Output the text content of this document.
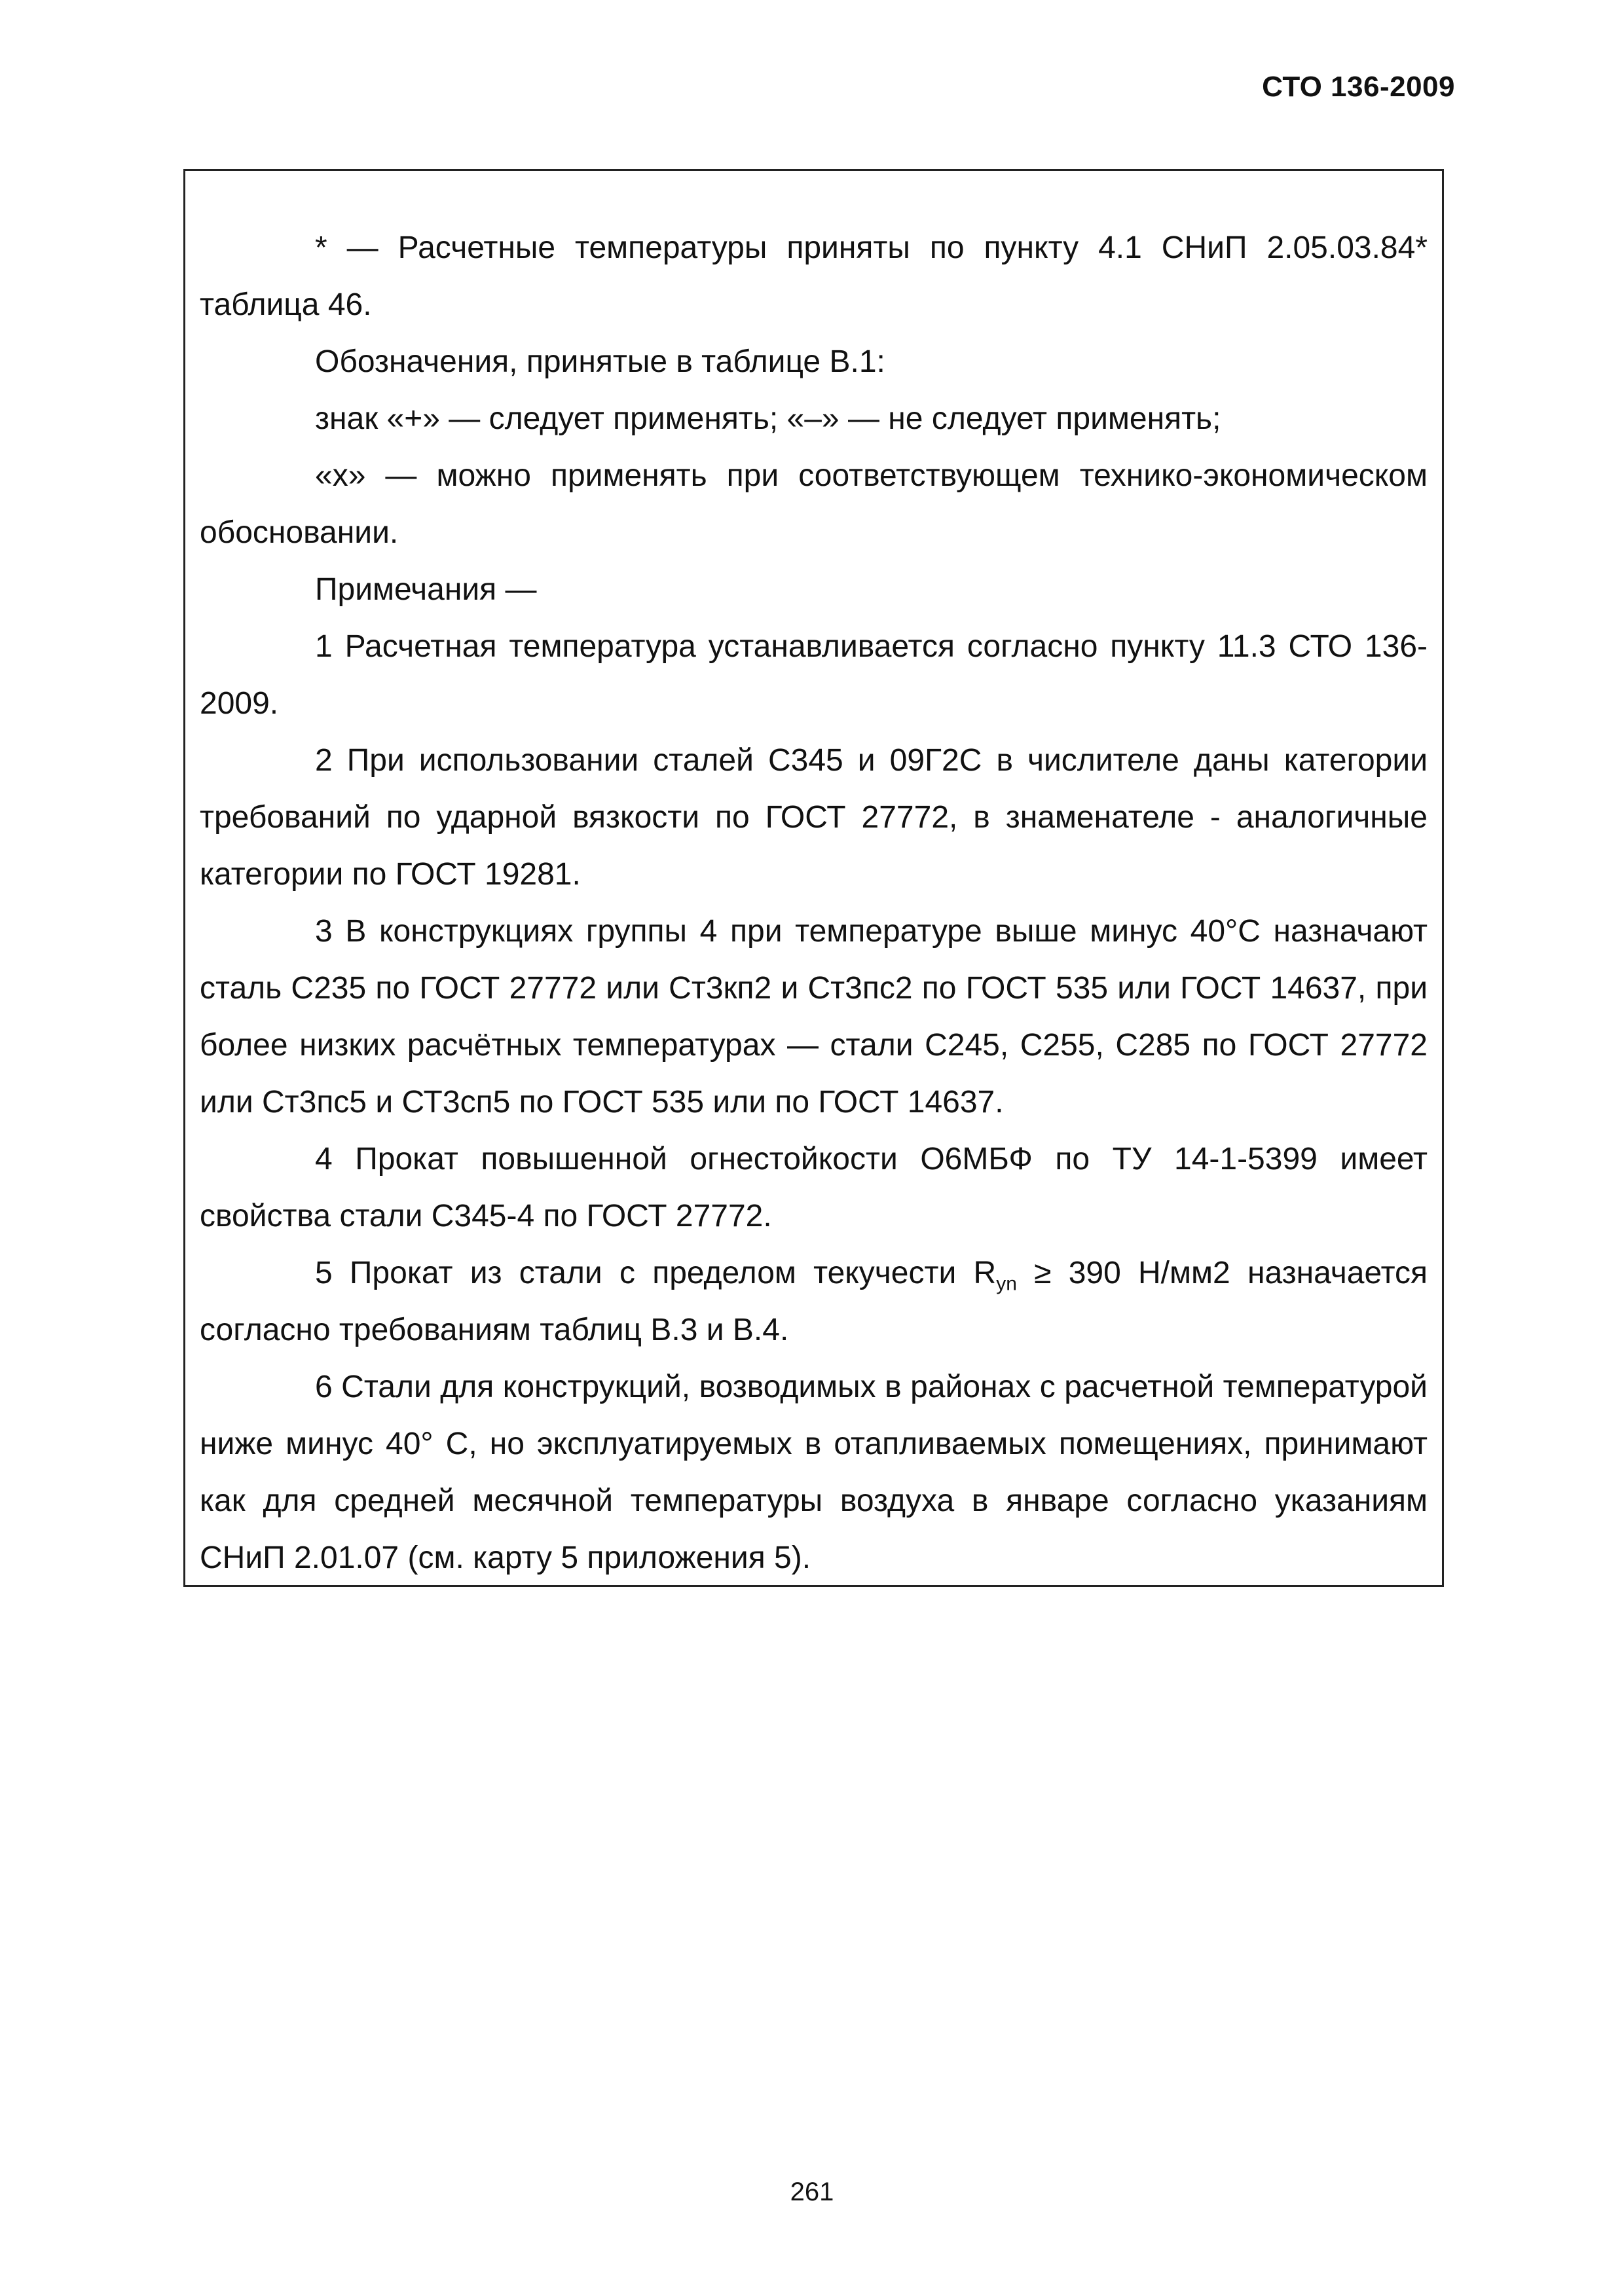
СТО 136-2009

* — Расчетные температуры приняты по пункту 4.1 СНиП 2.05.03.84* таблица 46.

Обозначения, принятые в таблице В.1:

знак «+» — следует применять; «–» — не следует применять;

«х» — можно применять при соответствующем технико-экономическом обосновании.

Примечания —

1 Расчетная температура устанавливается согласно пункту 11.3 СТО 136-2009.

2 При использовании сталей С345 и 09Г2С в числителе даны категории требований по ударной вязкости по ГОСТ 27772, в знаменателе - аналогичные категории по ГОСТ 19281.

3 В конструкциях группы 4 при температуре выше минус 40°С назначают сталь С235 по ГОСТ 27772 или Ст3кп2 и Ст3пс2 по ГОСТ 535 или ГОСТ 14637, при более низких расчётных температурах — стали С245, С255, С285 по ГОСТ 27772 или Ст3пс5 и СТ3сп5 по ГОСТ 535 или по ГОСТ 14637.

4 Прокат повышенной огнестойкости О6МБФ по ТУ 14-1-5399 имеет свойства стали С345-4 по ГОСТ 27772.

5 Прокат из стали с пределом текучести $R_{yn} \ge 390$ Н/мм2 назначается согласно требованиям таблиц В.3 и В.4.

6 Стали для конструкций, возводимых в районах с расчетной температурой ниже минус 40° С, но эксплуатируемых в отапливаемых помещениях, принимают как для средней месячной температуры воздуха в январе согласно указаниям СНиП 2.01.07 (см. карту 5 приложения 5).

261
